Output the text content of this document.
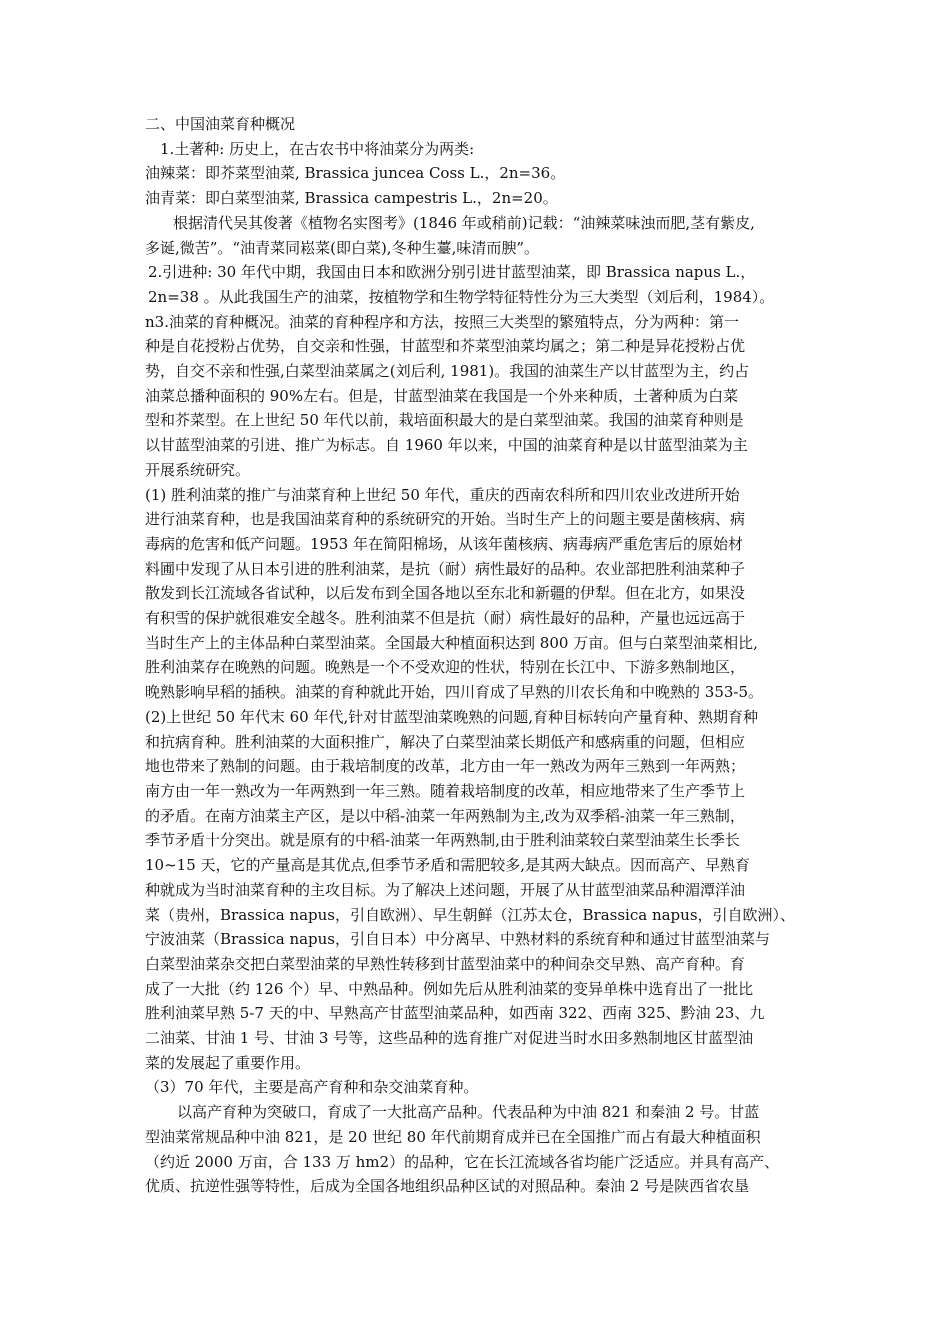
二、中国油菜育种概况
1.土著种: 历史上，在古农书中将油菜分为两类:
油辣菜：即芥菜型油菜, Brassica juncea Coss L.，2n=36。
油青菜：即白菜型油菜, Brassica campestris L.，2n=20。
根据清代吴其俊著《植物名实图考》(1846 年或稍前)记载：“油辣菜味浊而肥,茎有紫皮,
多诞,微苦”。“油青菜同崧菜(即白菜),冬种生薹,味清而腴”。
2.引进种: 30 年代中期，我国由日本和欧洲分别引进甘蓝型油菜，即 Brassica napus L.，
2n=38 。从此我国生产的油菜，按植物学和生物学特征特性分为三大类型（刘后利，1984）。
n3.油菜的育种概况。油菜的育种程序和方法，按照三大类型的繁殖特点，分为两种：第一
种是自花授粉占优势，自交亲和性强，甘蓝型和芥菜型油菜均属之；第二种是异花授粉占优
势，自交不亲和性强,白菜型油菜属之(刘后利, 1981)。我国的油菜生产以甘蓝型为主，约占
油菜总播种面积的 90%左右。但是，甘蓝型油菜在我国是一个外来种质，土著种质为白菜
型和芥菜型。在上世纪 50 年代以前，栽培面积最大的是白菜型油菜。我国的油菜育种则是
以甘蓝型油菜的引进、推广为标志。自 1960 年以来，中国的油菜育种是以甘蓝型油菜为主
开展系统研究。
(1) 胜利油菜的推广与油菜育种上世纪 50 年代，重庆的西南农科所和四川农业改进所开始
进行油菜育种，也是我国油菜育种的系统研究的开始。当时生产上的问题主要是菌核病、病
毒病的危害和低产问题。1953 年在简阳棉场，从该年菌核病、病毒病严重危害后的原始材
料圃中发现了从日本引进的胜利油菜，是抗（耐）病性最好的品种。农业部把胜利油菜种子
散发到长江流域各省试种，以后发布到全国各地以至东北和新疆的伊犁。但在北方，如果没
有积雪的保护就很难安全越冬。胜利油菜不但是抗（耐）病性最好的品种，产量也远远高于
当时生产上的主体品种白菜型油菜。全国最大种植面积达到 800 万亩。但与白菜型油菜相比,
胜利油菜存在晚熟的问题。晚熟是一个不受欢迎的性状，特别在长江中、下游多熟制地区，
晚熟影响早稻的插秧。油菜的育种就此开始，四川育成了早熟的川农长角和中晚熟的 353-5。
(2)上世纪 50 年代末 60 年代,针对甘蓝型油菜晚熟的问题,育种目标转向产量育种、熟期育种
和抗病育种。胜利油菜的大面积推广，解决了白菜型油菜长期低产和感病重的问题，但相应
地也带来了熟制的问题。由于栽培制度的改革，北方由一年一熟改为两年三熟到一年两熟；
南方由一年一熟改为一年两熟到一年三熟。随着栽培制度的改革，相应地带来了生产季节上
的矛盾。在南方油菜主产区，是以中稻-油菜一年两熟制为主,改为双季稻-油菜一年三熟制，
季节矛盾十分突出。就是原有的中稻-油菜一年两熟制,由于胜利油菜较白菜型油菜生长季长
10~15 天，它的产量高是其优点,但季节矛盾和需肥较多,是其两大缺点。因而高产、早熟育
种就成为当时油菜育种的主攻目标。为了解决上述问题，开展了从甘蓝型油菜品种湄潭洋油
菜（贵州，Brassica napus，引自欧洲）、早生朝鲜（江苏太仓，Brassica napus，引自欧洲）、
宁波油菜（Brassica napus，引自日本）中分离早、中熟材料的系统育种和通过甘蓝型油菜与
白菜型油菜杂交把白菜型油菜的早熟性转移到甘蓝型油菜中的种间杂交早熟、高产育种。育
成了一大批（约 126 个）早、中熟品种。例如先后从胜利油菜的变异单株中选育出了一批比
胜利油菜早熟 5-7 天的中、早熟高产甘蓝型油菜品种，如西南 322、西南 325、黔油 23、九
二油菜、甘油 1 号、甘油 3 号等，这些品种的选育推广对促进当时水田多熟制地区甘蓝型油
菜的发展起了重要作用。
（3）70 年代，主要是高产育种和杂交油菜育种。
以高产育种为突破口，育成了一大批高产品种。代表品种为中油 821 和秦油 2 号。甘蓝
型油菜常规品种中油 821，是 20 世纪 80 年代前期育成并已在全国推广而占有最大种植面积
（约近 2000 万亩，合 133 万 hm2）的品种，它在长江流域各省均能广泛适应。并具有高产、
优质、抗逆性强等特性，后成为全国各地组织品种区试的对照品种。秦油 2 号是陕西省农垦
